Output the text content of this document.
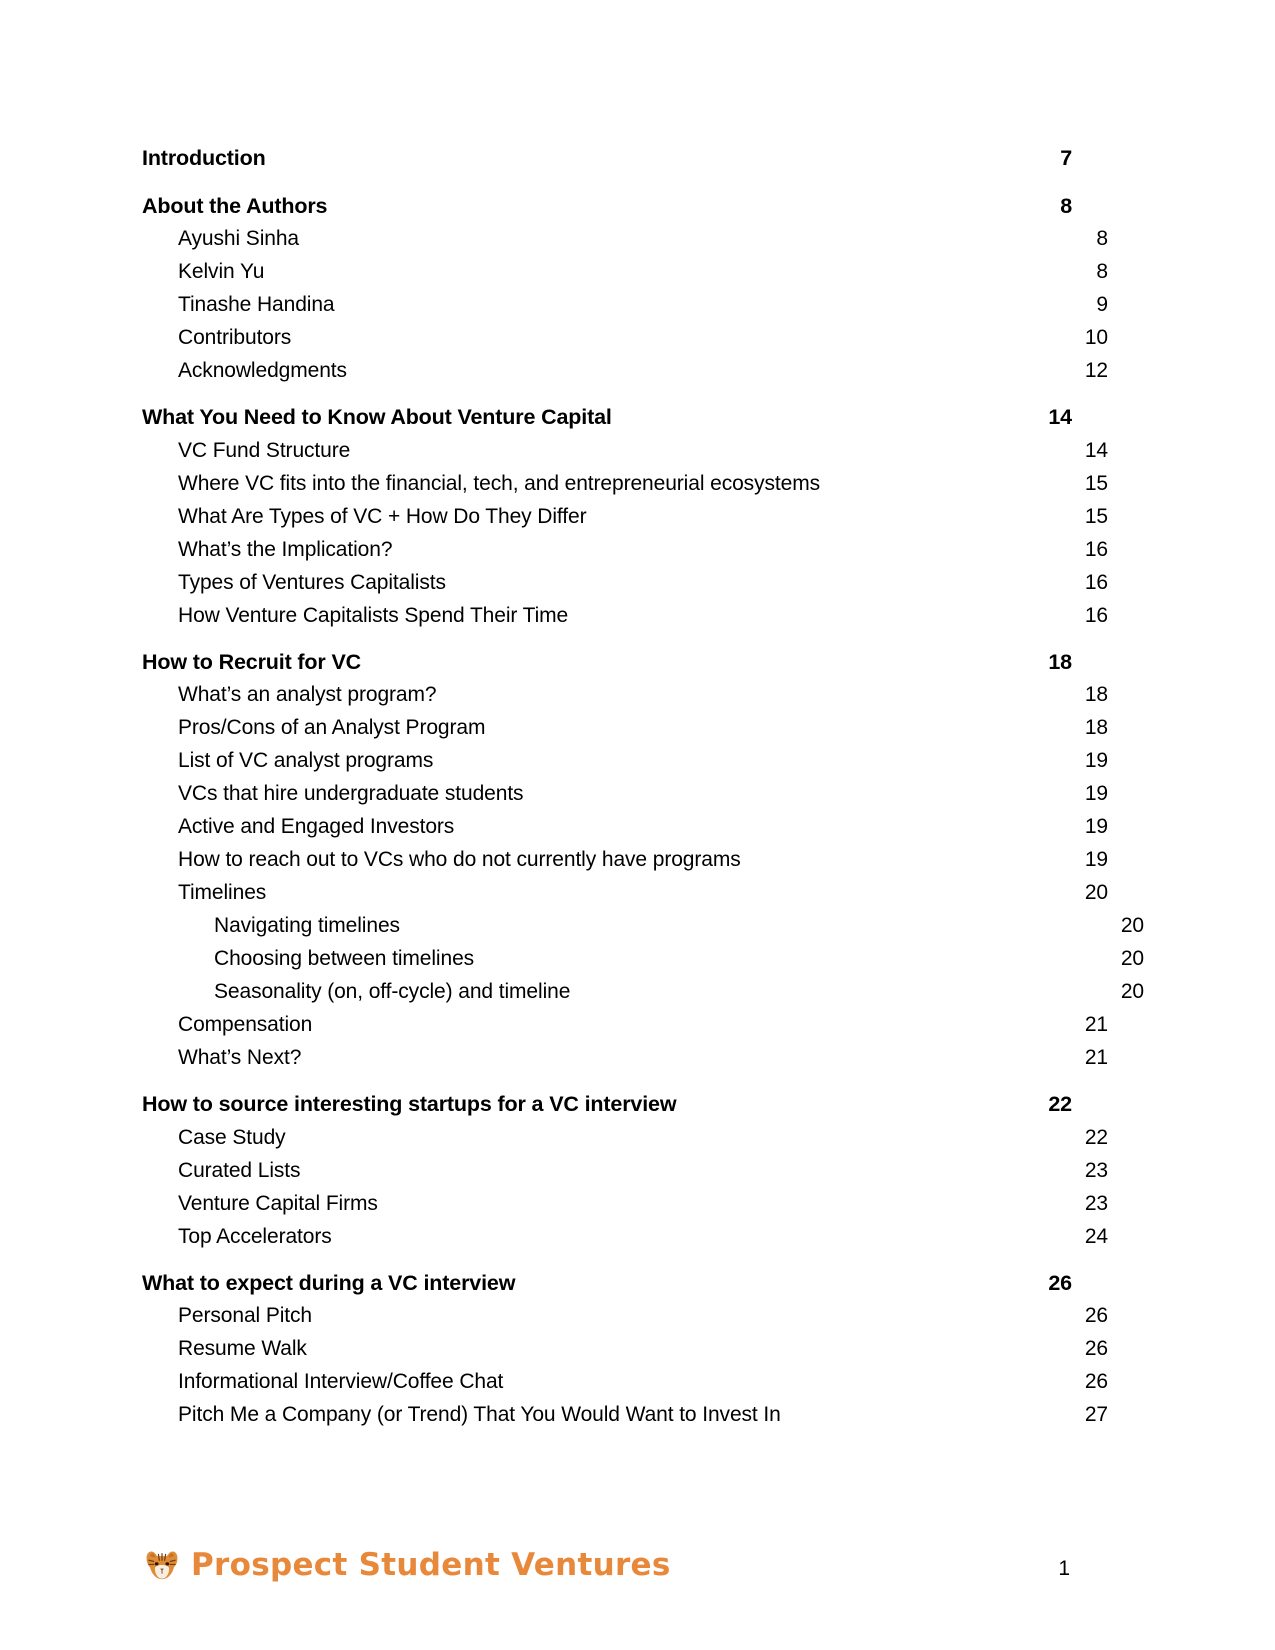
Introduction	7
About the Authors	8
Ayushi Sinha	8
Kelvin Yu	8
Tinashe Handina	9
Contributors	10
Acknowledgments	12
What You Need to Know About Venture Capital	14
VC Fund Structure	14
Where VC fits into the financial, tech, and entrepreneurial ecosystems	15
What Are Types of VC + How Do They Differ	15
What’s the Implication?	16
Types of Ventures Capitalists	16
How Venture Capitalists Spend Their Time	16
How to Recruit for VC	18
What’s an analyst program?	18
Pros/Cons of an Analyst Program	18
List of VC analyst programs	19
VCs that hire undergraduate students	19
Active and Engaged Investors	19
How to reach out to VCs who do not currently have programs	19
Timelines	20
Navigating timelines	20
Choosing between timelines	20
Seasonality (on, off-cycle) and timeline	20
Compensation	21
What’s Next?	21
How to source interesting startups for a VC interview	22
Case Study	22
Curated Lists	23
Venture Capital Firms	23
Top Accelerators	24
What to expect during a VC interview	26
Personal Pitch	26
Resume Walk	26
Informational Interview/Coffee Chat	26
Pitch Me a Company (or Trend) That You Would Want to Invest In	27
Prospect Student Ventures	1
